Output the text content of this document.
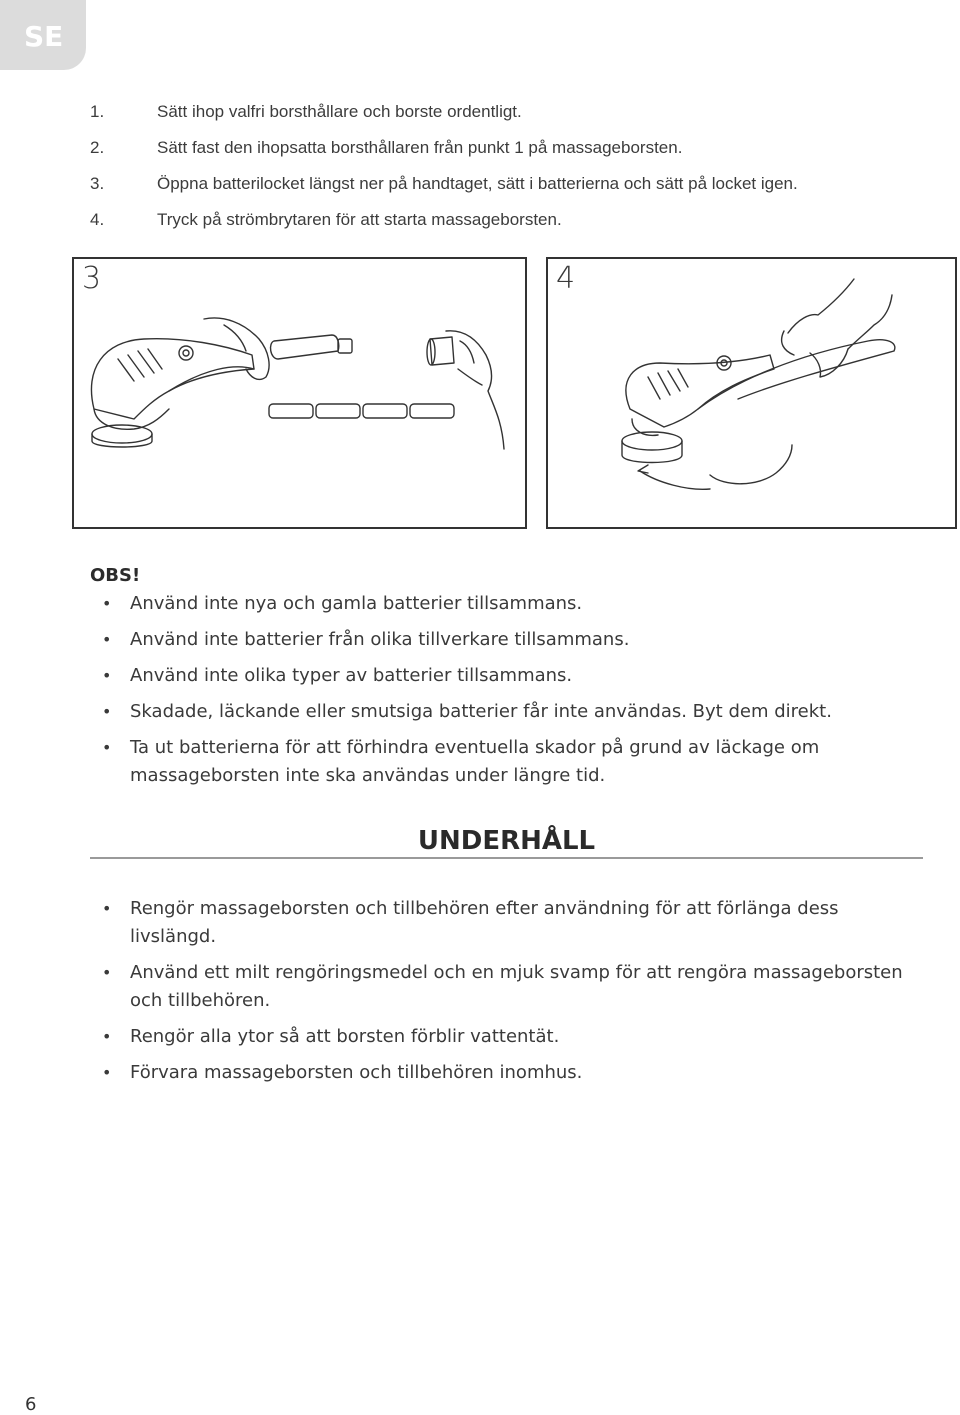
SE
1.	Sätt ihop valfri borsthållare och borste ordentligt.
2.	Sätt fast den ihopsatta borsthållaren från punkt 1 på massageborsten.
3.	Öppna batterilocket längst ner på handtaget, sätt i batterierna och sätt på locket igen.
4.	Tryck på strömbrytaren för att starta massageborsten.
3	4
OBS!
• Använd inte nya och gamla batterier tillsammans.
• Använd inte batterier från olika tillverkare tillsammans.
• Använd inte olika typer av batterier tillsammans.
• Skadade, läckande eller smutsiga batterier får inte användas. Byt dem direkt.
• Ta ut batterierna för att förhindra eventuella skador på grund av läckage om massageborsten inte ska användas under längre tid.
UNDERHÅLL
• Rengör massageborsten och tillbehören efter användning för att förlänga dess livslängd.
• Använd ett milt rengöringsmedel och en mjuk svamp för att rengöra massageborsten och tillbehören.
• Rengör alla ytor så att borsten förblir vattentät.
• Förvara massageborsten och tillbehören inomhus.
6
